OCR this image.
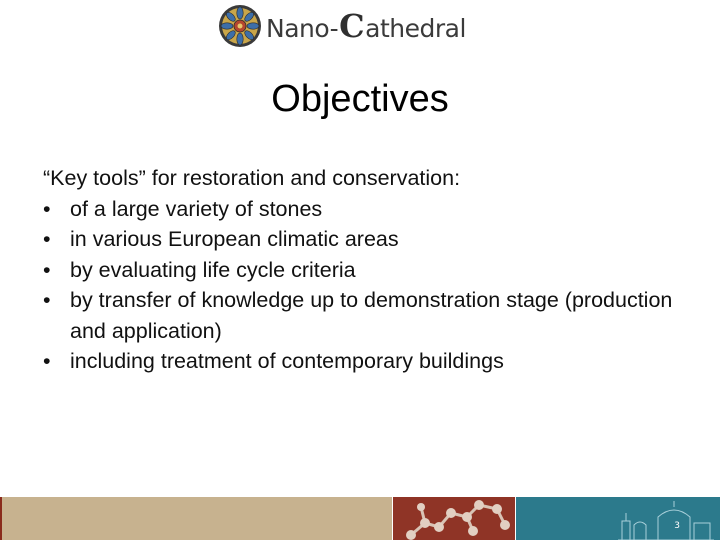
Nano- C athedral
Objectives

“Key tools” for restoration and conservation:

• of a large variety of stones
• in various European climatic areas
• by evaluating life cycle criteria
• by transfer of knowledge up to demonstration stage (production and application)
• including treatment of contemporary buildings
3
